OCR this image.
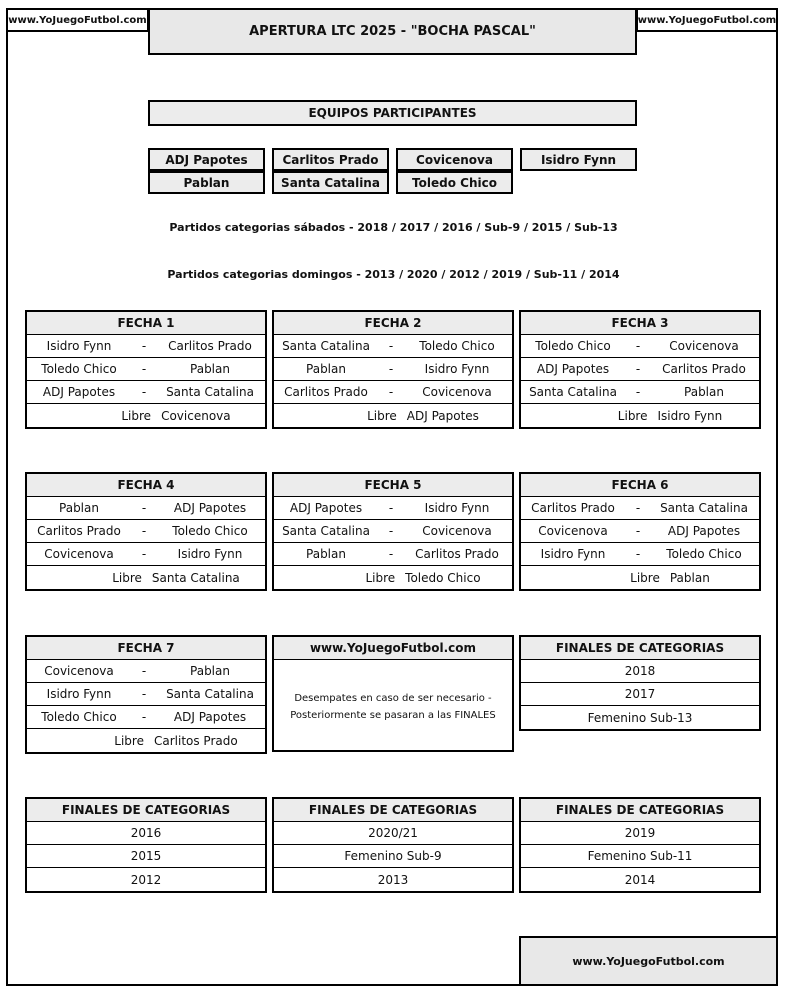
www.YoJuegoFutbol.com	www.YoJuegoFutbol.com
APERTURA LTC 2025 - "BOCHA PASCAL"
EQUIPOS PARTICIPANTES
ADJ Papotes	Carlitos Prado	Covicenova	Isidro Fynn
Pablan	Santa Catalina	Toledo Chico
Partidos categorias sábados - 2018 / 2017 / 2016 / Sub-9 / 2015 / Sub-13
Partidos categorias domingos - 2013 / 2020 / 2012 / 2019 / Sub-11 / 2014
FECHA 1
Isidro Fynn	-	Carlitos Prado
Toledo Chico	-	Pablan
ADJ Papotes	-	Santa Catalina
Libre Covicenova
FECHA 2
Santa Catalina	-	Toledo Chico
Pablan	-	Isidro Fynn
Carlitos Prado	-	Covicenova
Libre ADJ Papotes
FECHA 3
Toledo Chico	-	Covicenova
ADJ Papotes	-	Carlitos Prado
Santa Catalina	-	Pablan
Libre Isidro Fynn
FECHA 4
Pablan	-	ADJ Papotes
Carlitos Prado	-	Toledo Chico
Covicenova	-	Isidro Fynn
Libre Santa Catalina
FECHA 5
ADJ Papotes	-	Isidro Fynn
Santa Catalina	-	Covicenova
Pablan	-	Carlitos Prado
Libre Toledo Chico
FECHA 6
Carlitos Prado	-	Santa Catalina
Covicenova	-	ADJ Papotes
Isidro Fynn	-	Toledo Chico
Libre Pablan
FECHA 7
Covicenova	-	Pablan
Isidro Fynn	-	Santa Catalina
Toledo Chico	-	ADJ Papotes
Libre Carlitos Prado
www.YoJuegoFutbol.com
Desempates en caso de ser necesario -
Posteriormente se pasaran a las FINALES
FINALES DE CATEGORIAS
2018
2017
Femenino Sub-13
FINALES DE CATEGORIAS
2016
2015
2012
FINALES DE CATEGORIAS
2020/21
Femenino Sub-9
2013
FINALES DE CATEGORIAS
2019
Femenino Sub-11
2014
www.YoJuegoFutbol.com
